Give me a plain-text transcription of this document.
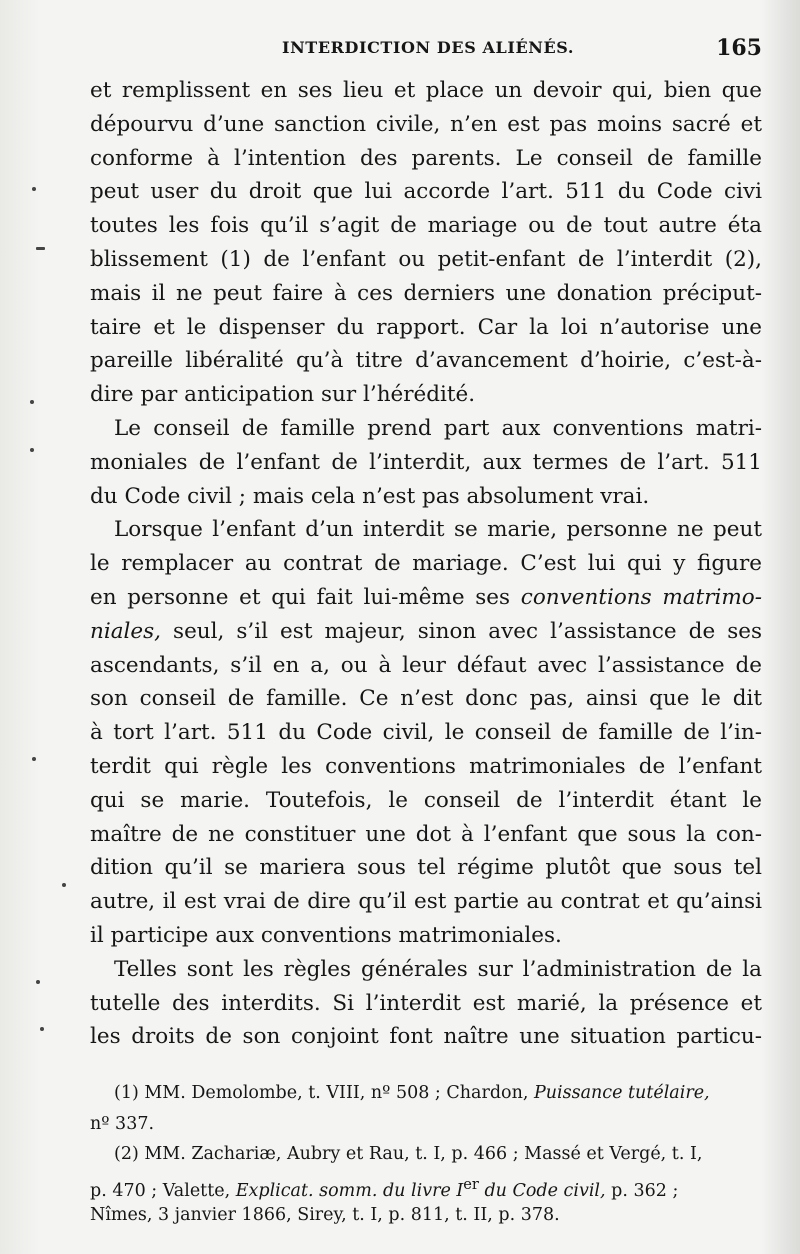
INTERDICTION DES ALIÉNÉS.	165
et remplissent en ses lieu et place un devoir qui, bien que
dépourvu d’une sanction civile, n’en est pas moins sacré et
conforme à l’intention des parents. Le conseil de famille
peut user du droit que lui accorde l’art. 511 du Code civi
toutes les fois qu’il s’agit de mariage ou de tout autre éta
blissement (1) de l’enfant ou petit-enfant de l’interdit (2),
mais il ne peut faire à ces derniers une donation préciput-
taire et le dispenser du rapport. Car la loi n’autorise une
pareille libéralité qu’à titre d’avancement d’hoirie, c’est-à-
dire par anticipation sur l’hérédité.
Le conseil de famille prend part aux conventions matri-
moniales de l’enfant de l’interdit, aux termes de l’art. 511
du Code civil ; mais cela n’est pas absolument vrai.
Lorsque l’enfant d’un interdit se marie, personne ne peut
le remplacer au contrat de mariage. C’est lui qui y figure
en personne et qui fait lui-même ses conventions matrimo-
niales, seul, s’il est majeur, sinon avec l’assistance de ses
ascendants, s’il en a, ou à leur défaut avec l’assistance de
son conseil de famille. Ce n’est donc pas, ainsi que le dit
à tort l’art. 511 du Code civil, le conseil de famille de l’in-
terdit qui règle les conventions matrimoniales de l’enfant
qui se marie. Toutefois, le conseil de l’interdit étant le
maître de ne constituer une dot à l’enfant que sous la con-
dition qu’il se mariera sous tel régime plutôt que sous tel
autre, il est vrai de dire qu’il est partie au contrat et qu’ainsi
il participe aux conventions matrimoniales.
Telles sont les règles générales sur l’administration de la
tutelle des interdits. Si l’interdit est marié, la présence et
les droits de son conjoint font naître une situation particu-
(1) MM. Demolombe, t. VIII, nº 508 ; Chardon, Puissance tutélaire,
nº 337.
(2) MM. Zachariæ, Aubry et Rau, t. I, p. 466 ; Massé et Vergé, t. I,
p. 470 ; Valette, Explicat. somm. du livre Ier du Code civil, p. 362 ;
Nîmes, 3 janvier 1866, Sirey, t. I, p. 811, t. II, p. 378.
